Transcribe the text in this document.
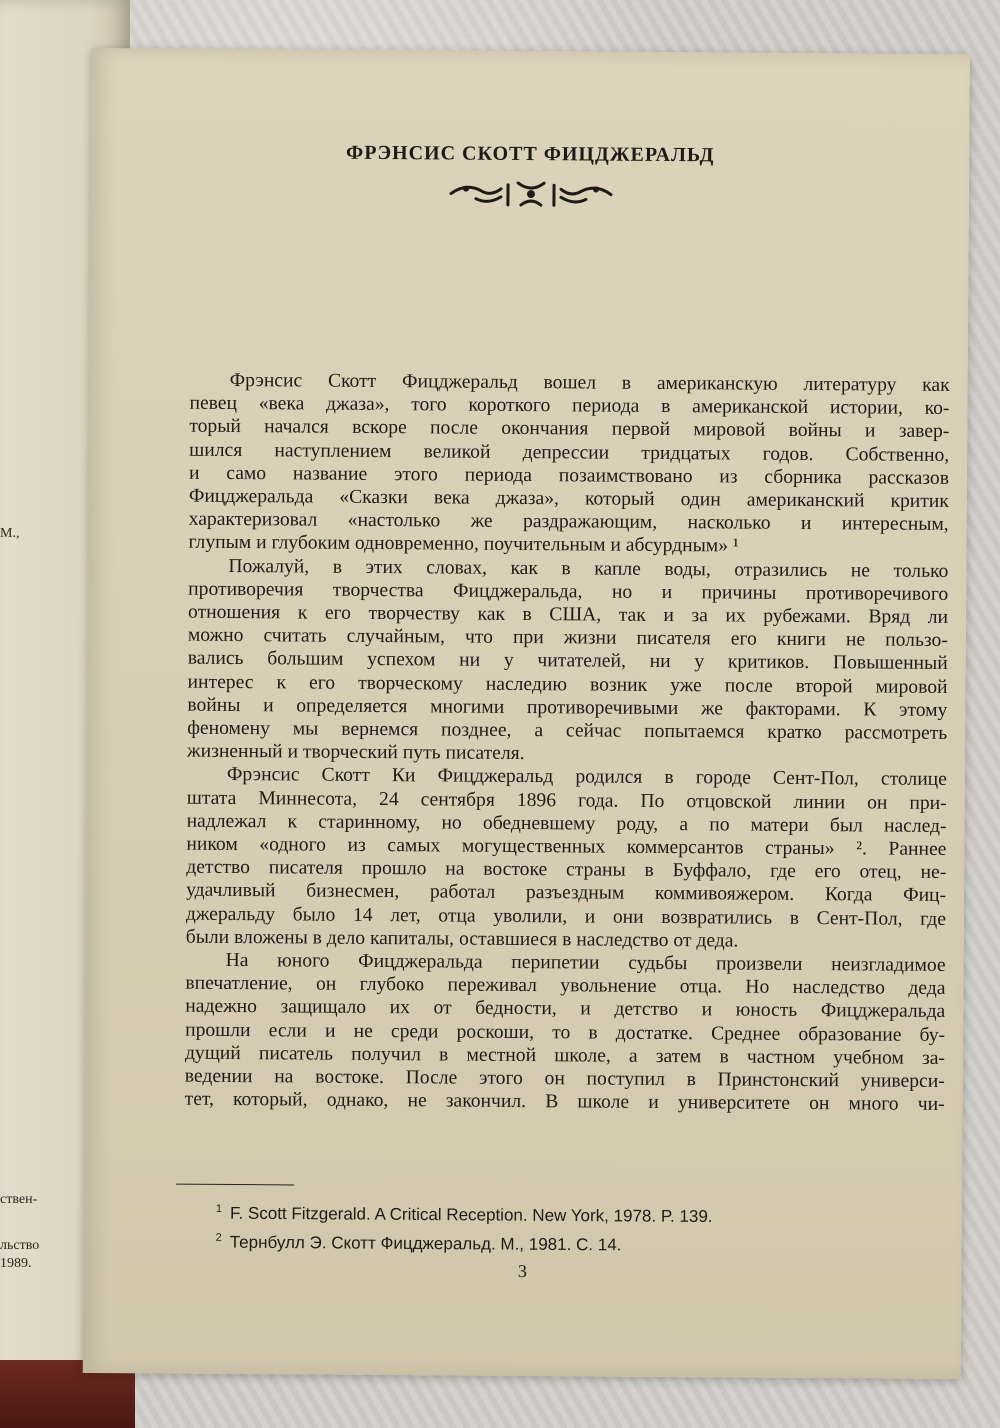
М.,
ствен-
льство
1989.
ФРЭНСИС СКОТТ ФИЦДЖЕРАЛЬД
Фрэнсис Скотт Фицджеральд вошел в американскую литературу как
певец «века джаза», того короткого периода в американской истории, ко-
торый начался вскоре после окончания первой мировой войны и завер-
шился наступлением великой депрессии тридцатых годов. Собственно,
и само название этого периода позаимствовано из сборника рассказов
Фицджеральда «Сказки века джаза», который один американский критик
характеризовал «настолько же раздражающим, насколько и интересным,
глупым и глубоким одновременно, поучительным и абсурдным» ¹
Пожалуй, в этих словах, как в капле воды, отразились не только
противоречия творчества Фицджеральда, но и причины противоречивого
отношения к его творчеству как в США, так и за их рубежами. Вряд ли
можно считать случайным, что при жизни писателя его книги не пользо-
вались большим успехом ни у читателей, ни у критиков. Повышенный
интерес к его творческому наследию возник уже после второй мировой
войны и определяется многими противоречивыми же факторами. К этому
феномену мы вернемся позднее, а сейчас попытаемся кратко рассмотреть
жизненный и творческий путь писателя.
Фрэнсис Скотт Ки Фицджеральд родился в городе Сент-Пол, столице
штата Миннесота, 24 сентября 1896 года. По отцовской линии он при-
надлежал к старинному, но обедневшему роду, а по матери был наслед-
ником «одного из самых могущественных коммерсантов страны» ². Раннее
детство писателя прошло на востоке страны в Буффало, где его отец, не-
удачливый бизнесмен, работал разъездным коммивояжером. Когда Фиц-
джеральду было 14 лет, отца уволили, и они возвратились в Сент-Пол, где
были вложены в дело капиталы, оставшиеся в наследство от деда.
На юного Фицджеральда перипетии судьбы произвели неизгладимое
впечатление, он глубоко переживал увольнение отца. Но наследство деда
надежно защищало их от бедности, и детство и юность Фицджеральда
прошли если и не среди роскоши, то в достатке. Среднее образование бу-
дущий писатель получил в местной школе, а затем в частном учебном за-
ведении на востоке. После этого он поступил в Принстонский универси-
тет, который, однако, не закончил. В школе и университете он много чи-
$^1$ F. Scott Fitzgerald. A Critical Reception. New York, 1978. P. 139.
$^2$ Тернбулл Э. Скотт Фицджеральд. М., 1981. С. 14.
3
